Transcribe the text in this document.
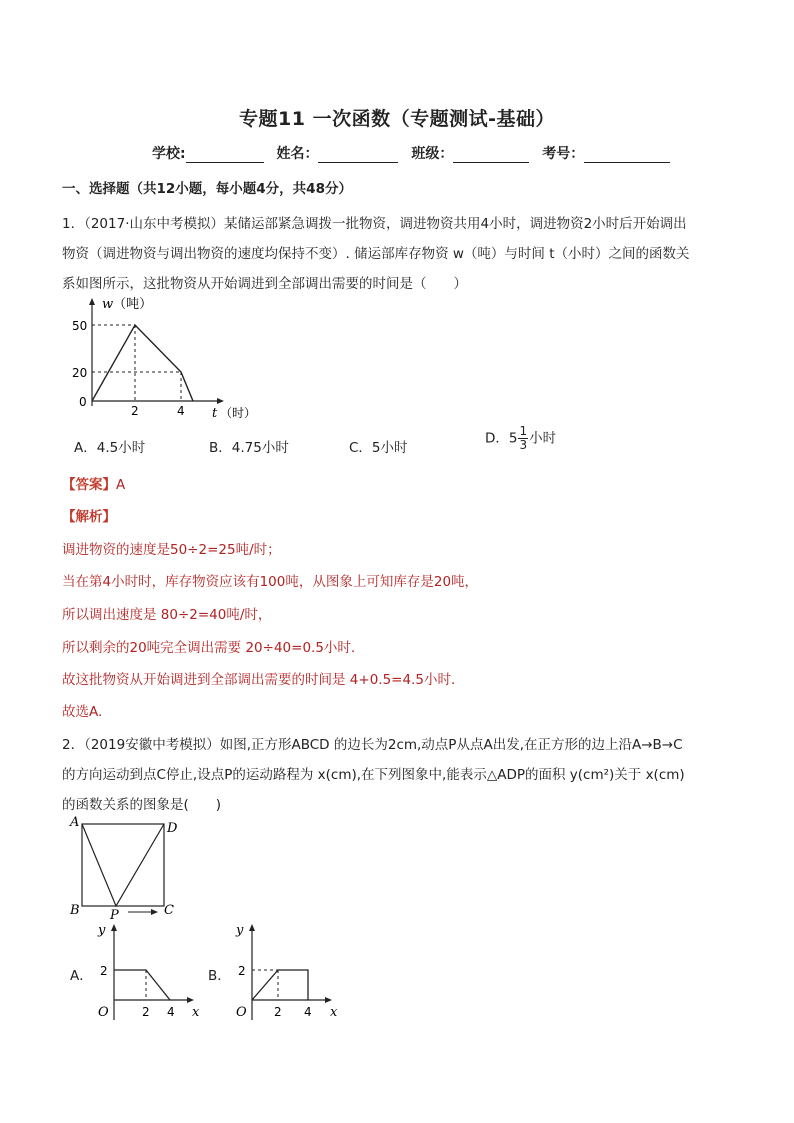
专题11 一次函数（专题测试-基础）
学校:	姓名：	班级：	考号：
一、选择题（共12小题，每小题4分，共48分）
1．（2017·山东中考模拟）某储运部紧急调拨一批物资，调进物资共用4小时，调进物资2小时后开始调出
物资（调进物资与调出物资的速度均保持不变）. 储运部库存物资 w（吨）与时间 t（小时）之间的函数关
系如图所示，这批物资从开始调进到全部调出需要的时间是（　　）
w（吨）
50
20
0
2	4 t （时）
A．4.5小时	B．4.75小时	C．5小时
D．$5 \frac{1}{3}$ 小时
【答案】A
【解析】
调进物资的速度是50÷2=25吨/时；
当在第4小时时，库存物资应该有100吨，从图象上可知库存是20吨，
所以调出速度是 80÷2=40吨/时，
所以剩余的20吨完全调出需要 20÷40=0.5小时.
故这批物资从开始调进到全部调出需要的时间是 4+0.5=4.5小时.
故选A.
2．（2019安徽中考模拟）如图,正方形ABCD 的边长为2cm,动点P从点A出发,在正方形的边上沿A→B→C
的方向运动到点C停止,设点P的运动路程为 x(cm),在下列图象中,能表示△ADP的面积 y(cm²)关于 x(cm)
的函数关系的图象是(　　)
A	D
B	C
P
A．
y
2
O	2 4 x
B．
y
2
O 2 4 x
